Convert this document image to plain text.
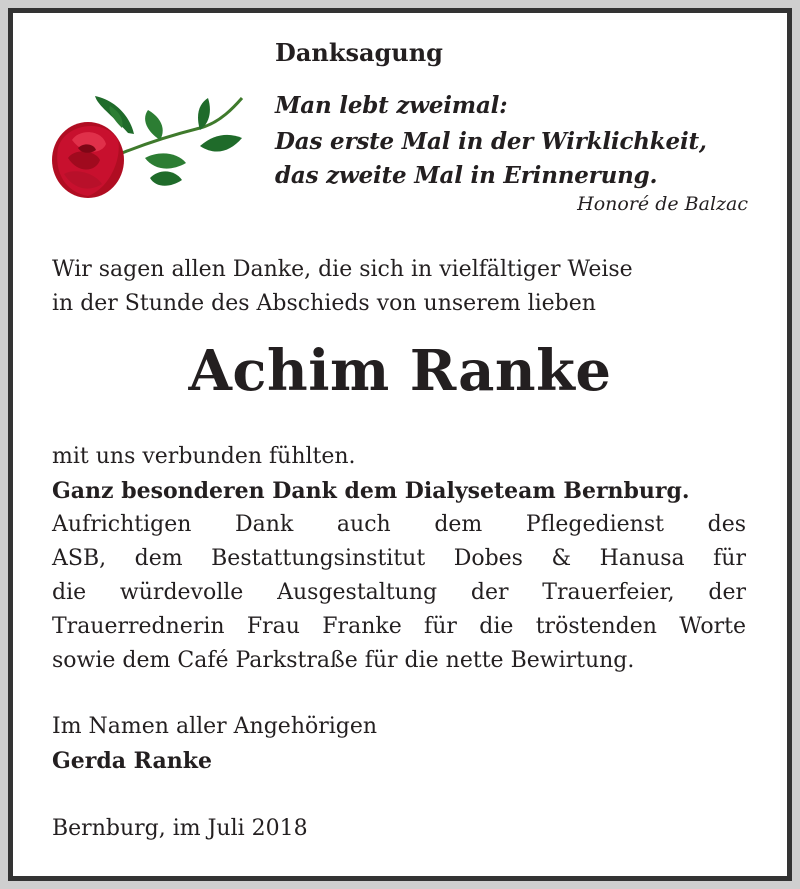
Danksagung

Man lebt zweimal:

Das erste Mal in der Wirklichkeit,

das zweite Mal in Erinnerung.

Honoré de Balzac

Wir sagen allen Danke, die sich in vielfältiger Weise

in der Stunde des Abschieds von unserem lieben

Achim Ranke

mit uns verbunden fühlten.

Ganz besonderen Dank dem Dialyseteam Bernburg.

Aufrichtigen Dank auch dem Pflegedienst des

ASB, dem Bestattungsinstitut Dobes & Hanusa für

die würdevolle Ausgestaltung der Trauerfeier, der

Trauerrednerin Frau Franke für die tröstenden Worte

sowie dem Café Parkstraße für die nette Bewirtung.

Im Namen aller Angehörigen

Gerda Ranke

Bernburg, im Juli 2018
